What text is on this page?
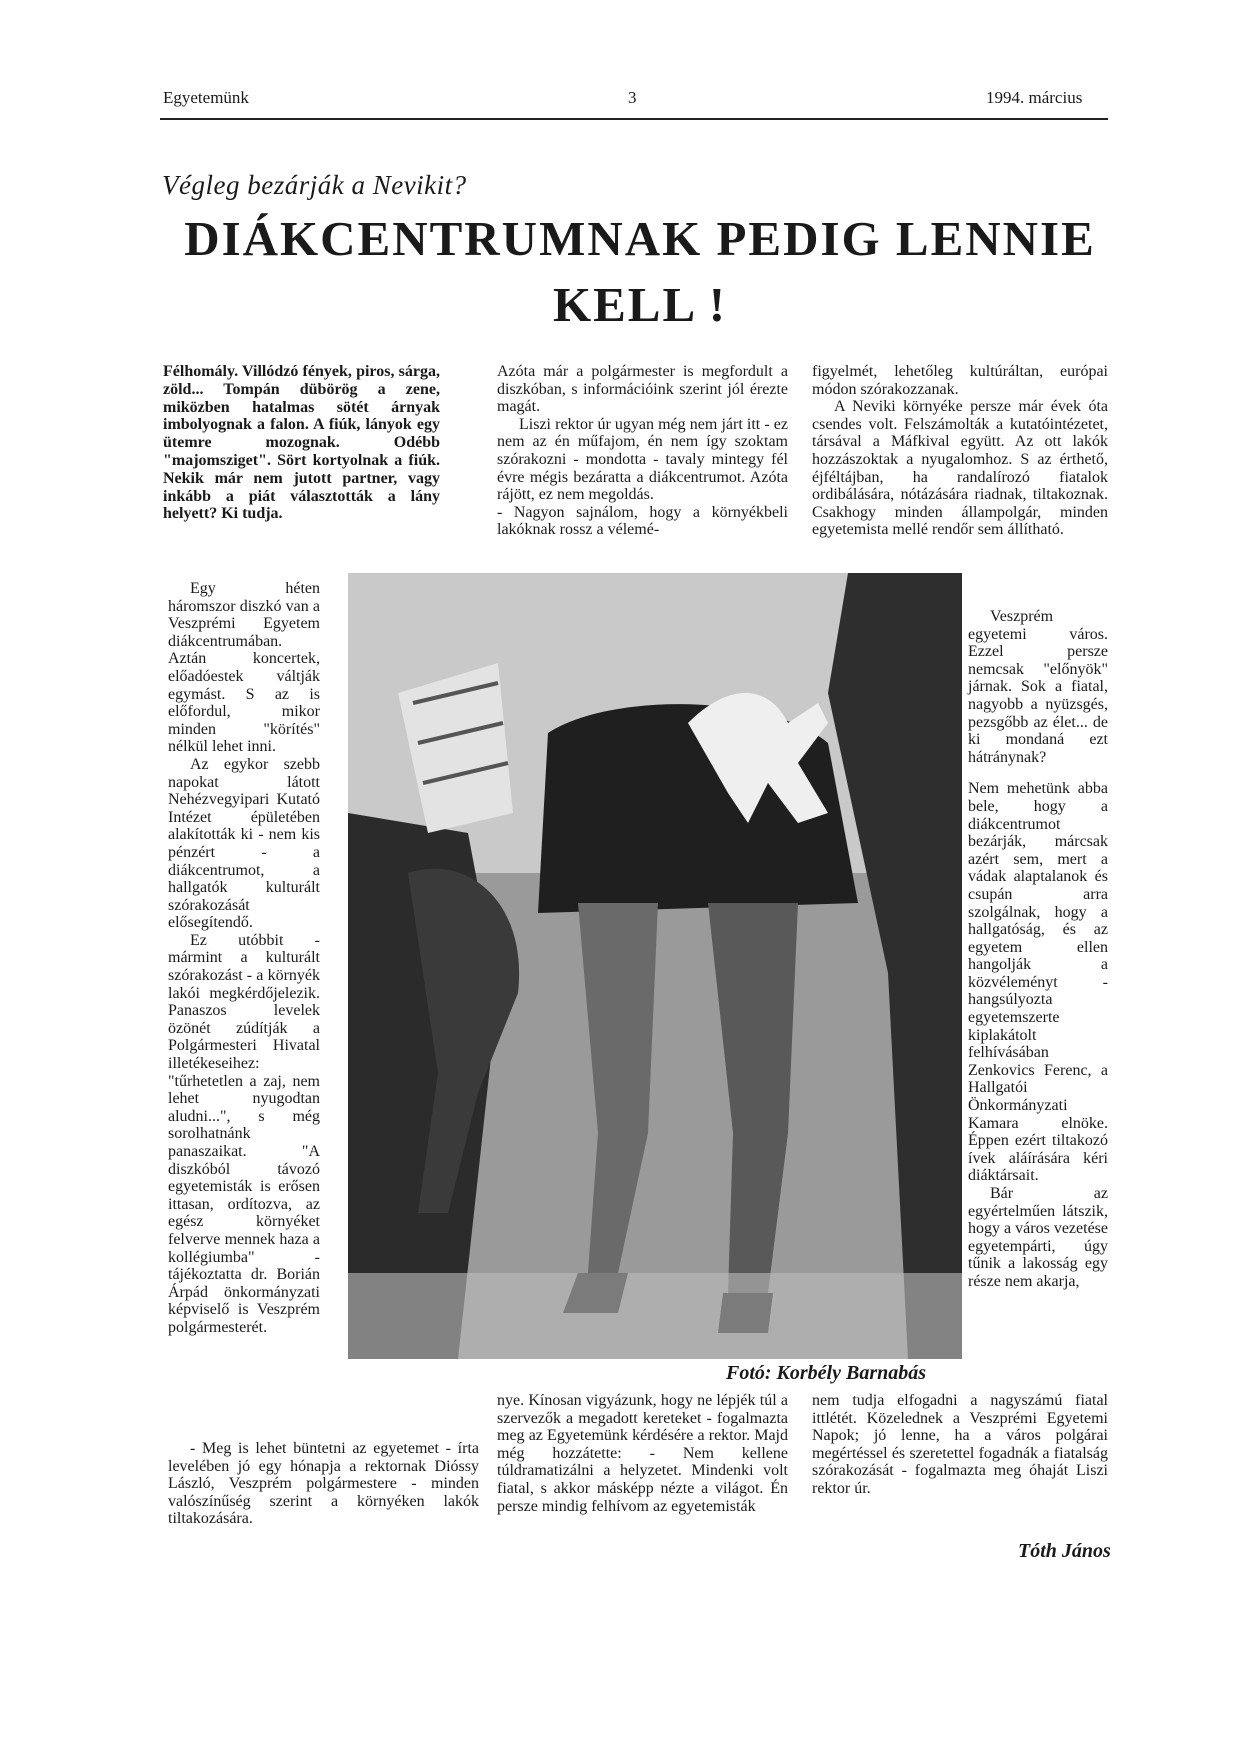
Egyetemünk	3	1994. március
Végleg bezárják a Nevikit?
DIÁKCENTRUMNAK PEDIG LENNIE
KELL !

Félhomály. Villódzó fények, piros, sárga, zöld... Tompán dübörög a zene, miközben hatalmas sötét árnyak imbolyognak a falon. A fiúk, lányok egy ütemre mozognak. Odébb "majomsziget". Sört kortyolnak a fiúk. Nekik már nem jutott partner, vagy inkább a piát választották a lány helyett? Ki tudja.

Egy héten háromszor diszkó van a Veszprémi Egyetem diákcentrumában. Aztán koncertek, előadóestek váltják egymást. S az is előfordul, mikor minden "körítés" nélkül lehet inni.

Az egykor szebb napokat látott Nehézvegyipari Kutató Intézet épületében alakították ki - nem kis pénzért - a diákcentrumot, a hallgatók kulturált szórakozását elősegítendő.

Ez utóbbit - mármint a kulturált szórakozást - a környék lakói megkérdőjelezik. Panaszos levelek özönét zúdítják a Polgármesteri Hivatal illetékeseihez: "tűrhetetlen a zaj, nem lehet nyugodtan aludni...", s még sorolhatnánk panaszaikat. "A diszkóból távozó egyetemisták is erősen ittasan, ordítozva, az egész környéket felverve mennek haza a kollégiumba" - tájékoztatta dr. Borián Árpád önkormányzati képviselő is Veszprém polgármesterét.

- Meg is lehet büntetni az egyetemet - írta levelében jó egy hónapja a rektornak Dióssy László, Veszprém polgármestere - minden valószínűség szerint a környéken lakók tiltakozására.

Azóta már a polgármester is megfordult a diszkóban, s információink szerint jól érezte magát.

Liszi rektor úr ugyan még nem járt itt - ez nem az én műfajom, én nem így szoktam szórakozni - mondotta - tavaly mintegy fél évre mégis bezáratta a diákcentrumot. Azóta rájött, ez nem megoldás.

- Nagyon sajnálom, hogy a környékbeli lakóknak rossz a vélemé-

figyelmét, lehetőleg kultúráltan, európai módon szórakozzanak.

A Neviki környéke persze már évek óta csendes volt. Felszámolták a kutatóintézetet, társával a Máfkival együtt. Az ott lakók hozzászoktak a nyugalomhoz. S az érthető, éjféltájban, ha randalírozó fiatalok ordibálására, nótázására riadnak, tiltakoznak. Csakhogy minden állampolgár, minden egyetemista mellé rendőr sem állítható.

Veszprém egyetemi város. Ezzel persze nemcsak "előnyök" járnak. Sok a fiatal, nagyobb a nyüzsgés, pezsgőbb az élet... de ki mondaná ezt hátránynak?

Nem mehetünk abba bele, hogy a diákcentrumot bezárják, márcsak azért sem, mert a vádak alaptalanok és csupán arra szolgálnak, hogy a hallgatóság, és az egyetem ellen hangolják a közvéleményt - hangsúlyozta egyetemszerte kiplakátolt felhívásában Zenkovics Ferenc, a Hallgatói Önkormányzati Kamara elnöke. Éppen ezért tiltakozó ívek aláírására kéri diáktársait.

Bár az egyértelműen látszik, hogy a város vezetése egyetempárti, úgy tűnik a lakosság egy része nem akarja,

Fotó: Korbély Barnabás

nye. Kínosan vigyázunk, hogy ne lépjék túl a szervezők a megadott kereteket - fogalmazta meg az Egyetemünk kérdésére a rektor. Majd még hozzátette: - Nem kellene túldramatizálni a helyzetet. Mindenki volt fiatal, s akkor másképp nézte a világot. Én persze mindig felhívom az egyetemisták

nem tudja elfogadni a nagyszámú fiatal ittlétét. Közelednek a Veszprémi Egyetemi Napok; jó lenne, ha a város polgárai megértéssel és szeretettel fogadnák a fiatalság szórakozását - fogalmazta meg óhaját Liszi rektor úr.

Tóth János
